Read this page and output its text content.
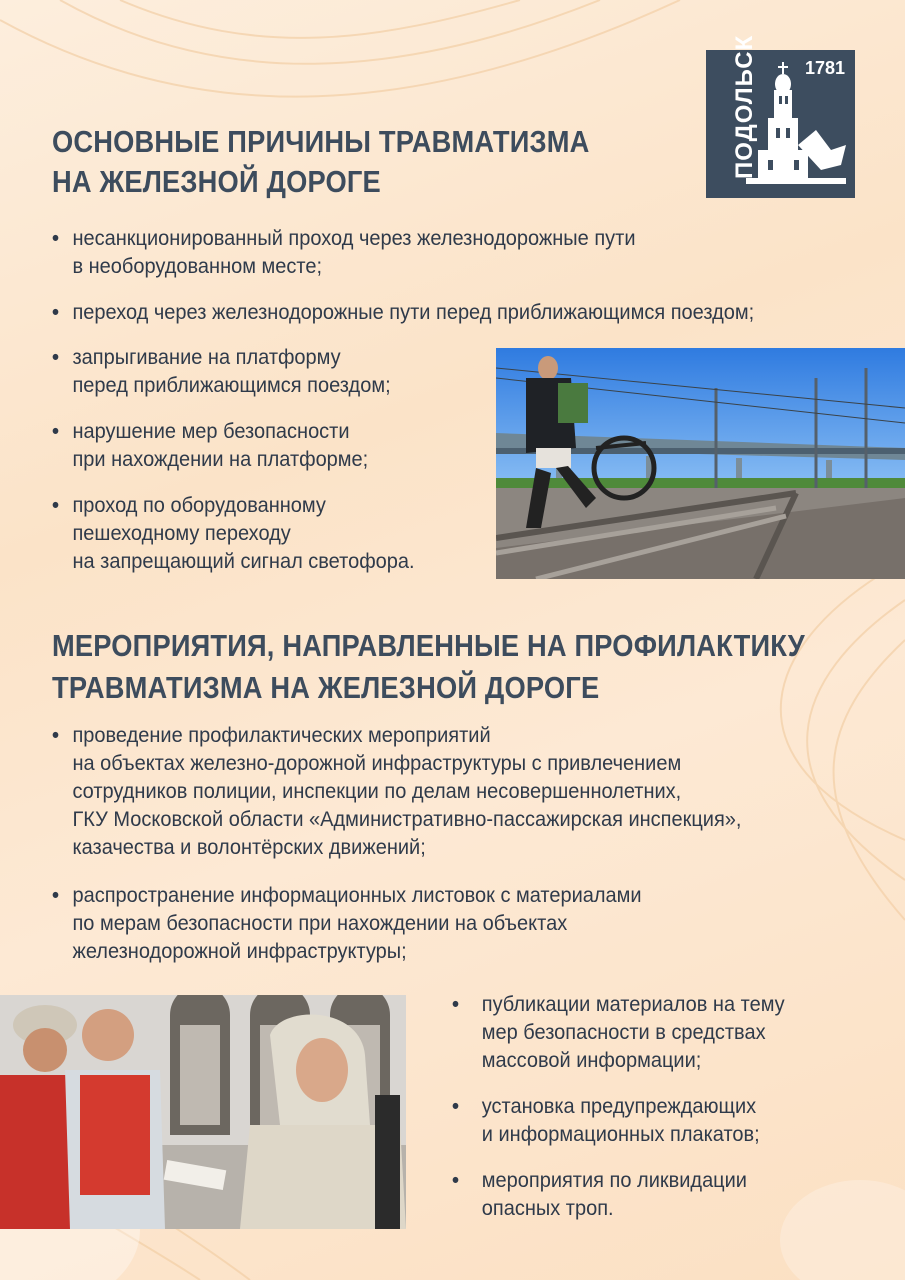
ПОДОЛЬСК	1781
ОСНОВНЫЕ ПРИЧИНЫ ТРАВМАТИЗМА
НА ЖЕЛЕЗНОЙ ДОРОГЕ
• несанкционированный проход через железнодорожные пути
в необорудованном месте;
• переход через железнодорожные пути перед приближающимся поездом;
• запрыгивание на платформу
перед приближающимся поездом;
• нарушение мер безопасности
при нахождении на платформе;
• проход по оборудованному
пешеходному переходу
на запрещающий сигнал светофора.
МЕРОПРИЯТИЯ, НАПРАВЛЕННЫЕ НА ПРОФИЛАКТИКУ
ТРАВМАТИЗМА НА ЖЕЛЕЗНОЙ ДОРОГЕ
• проведение профилактических мероприятий
на объектах железно-дорожной инфраструктуры с привлечением
сотрудников полиции, инспекции по делам несовершеннолетних,
ГКУ Московской области «Административно-пассажирская инспекция»,
казачества и волонтёрских движений;
• распространение информационных листовок с материалами
по мерам безопасности при нахождении на объектах
железнодорожной инфраструктуры;
• публикации материалов на тему
мер безопасности в средствах
массовой информации;
• установка предупреждающих
и информационных плакатов;
• мероприятия по ликвидации
опасных троп.
